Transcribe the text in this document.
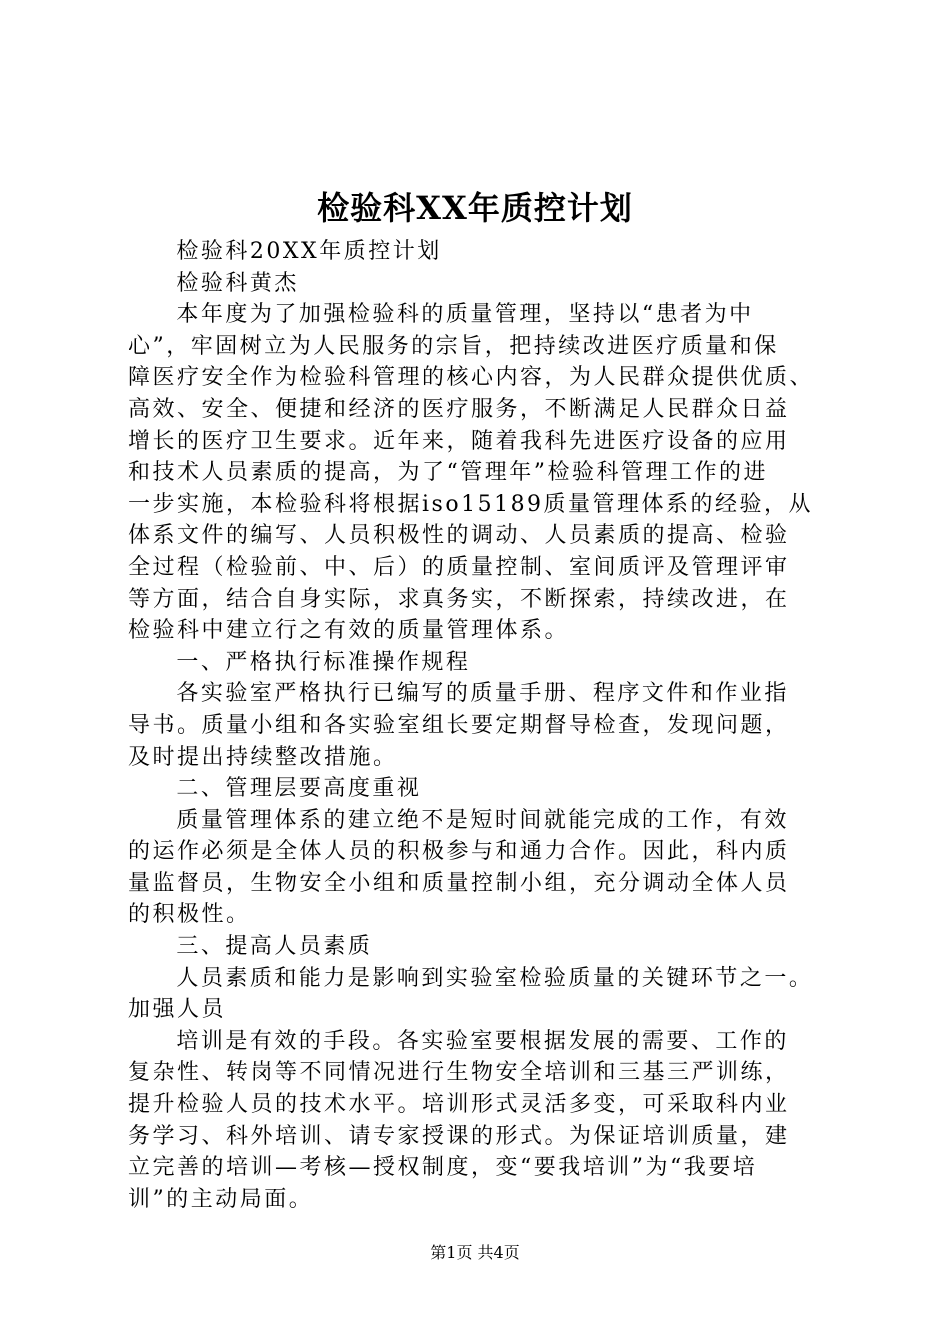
检验科XX年质控计划

检验科20XX年质控计划

检验科黄杰

本年度为了加强检验科的质量管理，坚持以“患者为中
心”，牢固树立为人民服务的宗旨，把持续改进医疗质量和保
障医疗安全作为检验科管理的核心内容，为人民群众提供优质、
高效、安全、便捷和经济的医疗服务，不断满足人民群众日益
增长的医疗卫生要求。近年来，随着我科先进医疗设备的应用
和技术人员素质的提高，为了“管理年”检验科管理工作的进
一步实施，本检验科将根据iso15189质量管理体系的经验，从
体系文件的编写、人员积极性的调动、人员素质的提高、检验
全过程（检验前、中、后）的质量控制、室间质评及管理评审
等方面，结合自身实际，求真务实，不断探索，持续改进，在
检验科中建立行之有效的质量管理体系。

一、严格执行标准操作规程

各实验室严格执行已编写的质量手册、程序文件和作业指
导书。质量小组和各实验室组长要定期督导检查，发现问题，
及时提出持续整改措施。

二、管理层要高度重视

质量管理体系的建立绝不是短时间就能完成的工作，有效
的运作必须是全体人员的积极参与和通力合作。因此，科内质
量监督员，生物安全小组和质量控制小组，充分调动全体人员
的积极性。

三、提高人员素质

人员素质和能力是影响到实验室检验质量的关键环节之一。
加强人员

培训是有效的手段。各实验室要根据发展的需要、工作的
复杂性、转岗等不同情况进行生物安全培训和三基三严训练，
提升检验人员的技术水平。培训形式灵活多变，可采取科内业
务学习、科外培训、请专家授课的形式。为保证培训质量，建
立完善的培训—考核—授权制度，变“要我培训”为“我要培
训”的主动局面。

第1页 共4页
